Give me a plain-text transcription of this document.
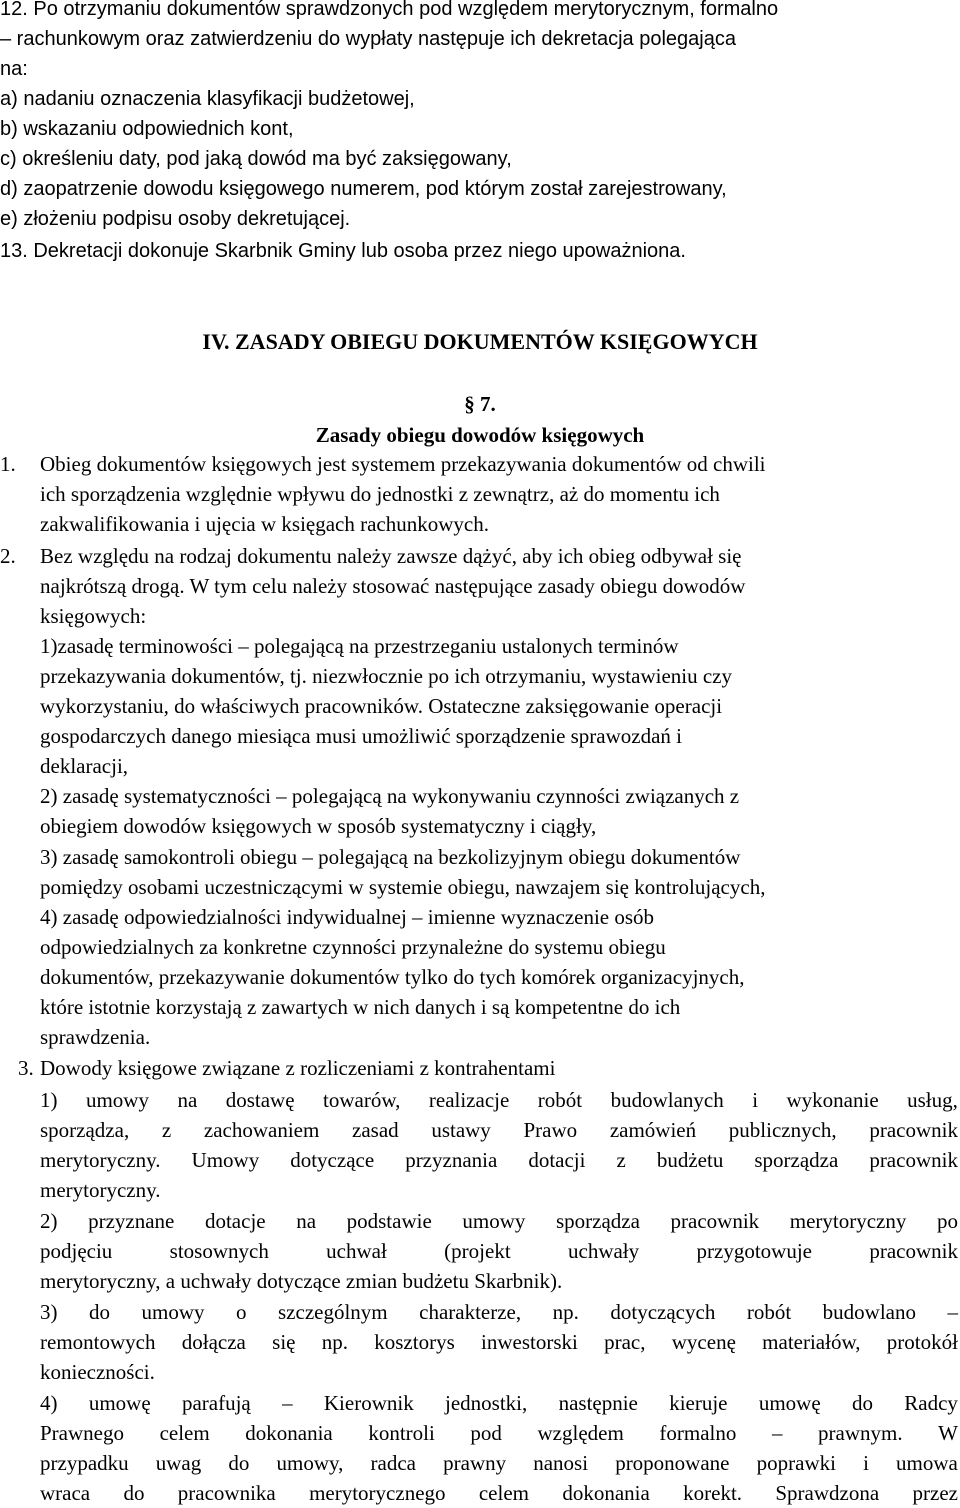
12. Po otrzymaniu dokumentów sprawdzonych pod względem merytorycznym, formalno
– rachunkowym oraz zatwierdzeniu do wypłaty następuje ich dekretacja polegająca
na:
a) nadaniu oznaczenia klasyfikacji budżetowej,
b) wskazaniu odpowiednich kont,
c) określeniu daty, pod jaką dowód ma być zaksięgowany,
d) zaopatrzenie dowodu księgowego numerem, pod którym został zarejestrowany,
e) złożeniu podpisu osoby dekretującej.
13. Dekretacji dokonuje Skarbnik Gminy lub osoba przez niego upoważniona.
IV. ZASADY OBIEGU DOKUMENTÓW KSIĘGOWYCH
§ 7.
Zasady obiegu dowodów księgowych
1. Obieg dokumentów księgowych jest systemem przekazywania dokumentów od chwili
ich sporządzenia względnie wpływu do jednostki z zewnątrz, aż do momentu ich
zakwalifikowania i ujęcia w księgach rachunkowych.
2. Bez względu na rodzaj dokumentu należy zawsze dążyć, aby ich obieg odbywał się
najkrótszą drogą. W tym celu należy stosować następujące zasady obiegu dowodów
księgowych:
1)zasadę terminowości – polegającą na przestrzeganiu ustalonych terminów
przekazywania dokumentów, tj. niezwłocznie po ich otrzymaniu, wystawieniu czy
wykorzystaniu, do właściwych pracowników. Ostateczne zaksięgowanie operacji
gospodarczych danego miesiąca musi umożliwić sporządzenie sprawozdań i
deklaracji,
2) zasadę systematyczności – polegającą na wykonywaniu czynności związanych z
obiegiem dowodów księgowych w sposób systematyczny i ciągły,
3) zasadę samokontroli obiegu – polegającą na bezkolizyjnym obiegu dokumentów
pomiędzy osobami uczestniczącymi w systemie obiegu, nawzajem się kontrolujących,
4) zasadę odpowiedzialności indywidualnej – imienne wyznaczenie osób
odpowiedzialnych za konkretne czynności przynależne do systemu obiegu
dokumentów, przekazywanie dokumentów tylko do tych komórek organizacyjnych,
które istotnie korzystają z zawartych w nich danych i są kompetentne do ich
sprawdzenia.
3. Dowody księgowe związane z rozliczeniami z kontrahentami
1) umowy na dostawę towarów, realizacje robót budowlanych i wykonanie usług,
sporządza, z zachowaniem zasad ustawy Prawo zamówień publicznych, pracownik
merytoryczny. Umowy dotyczące przyznania dotacji z budżetu sporządza pracownik
merytoryczny.
2) przyznane dotacje na podstawie umowy sporządza pracownik merytoryczny po
podjęciu	stosownych	uchwał	(projekt	uchwały	przygotowuje	pracownik
merytoryczny, a uchwały dotyczące zmian budżetu Skarbnik).
3) do umowy o szczególnym charakterze, np. dotyczących robót budowlano –
remontowych dołącza się np. kosztorys inwestorski prac, wycenę materiałów, protokół
konieczności.
4) umowę parafują – Kierownik jednostki, następnie kieruje umowę do Radcy
Prawnego celem dokonania kontroli pod względem formalno – prawnym. W
przypadku uwag do umowy, radca prawny nanosi proponowane poprawki i umowa
wraca do pracownika merytorycznego celem dokonania korekt. Sprawdzona przez
